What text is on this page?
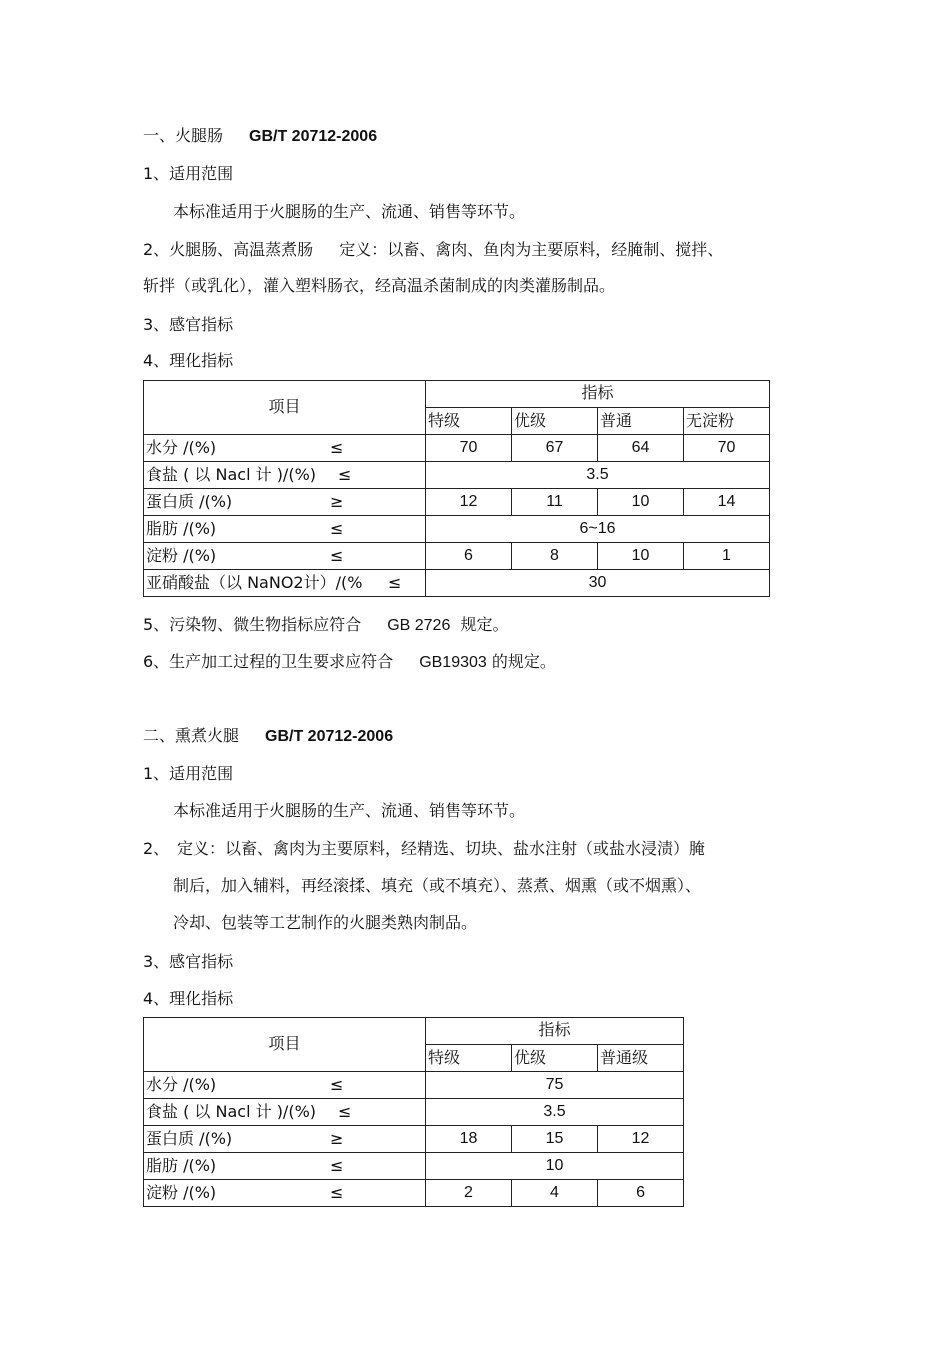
一、火腿肠 GB/T 20712-2006
1、适用范围
本标准适用于火腿肠的生产、流通、销售等环节。
2、火腿肠、高温蒸煮肠 定义：以畜、禽肉、鱼肉为主要原料，经腌制、搅拌、
斩拌（或乳化），灌入塑料肠衣，经高温杀菌制成的肉类灌肠制品。
3、感官指标
4、理化指标
项目	指标			
	特级	优级	普通	无淀粉
水分 /(%) ≤	70	67	64	70
食盐 ( 以 Nacl 计 )/(%) ≤	3.5			
蛋白质 /(%) ≥	12	11	10	14
脂肪 /(%) ≤	6~16			
淀粉 /(%) ≤	6	8	10	1
亚硝酸盐（以 NaNO2计）/(% ≤	30			
5、污染物、微生物指标应符合 GB 2726 规定。
6、生产加工过程的卫生要求应符合 GB19303 的规定。
二、熏煮火腿 GB/T 20712-2006
1、适用范围
本标准适用于火腿肠的生产、流通、销售等环节。
2、 定义：以畜、禽肉为主要原料，经精选、切块、盐水注射（或盐水浸渍）腌
制后，加入辅料，再经滚揉、填充（或不填充）、蒸煮、烟熏（或不烟熏）、
冷却、包装等工艺制作的火腿类熟肉制品。
3、感官指标
4、理化指标
项目	指标		
	特级	优级	普通级
水分 /(%) ≤	75		
食盐 ( 以 Nacl 计 )/(%) ≤	3.5		
蛋白质 /(%) ≥	18	15	12
脂肪 /(%) ≤	10		
淀粉 /(%) ≤	2	4	6
